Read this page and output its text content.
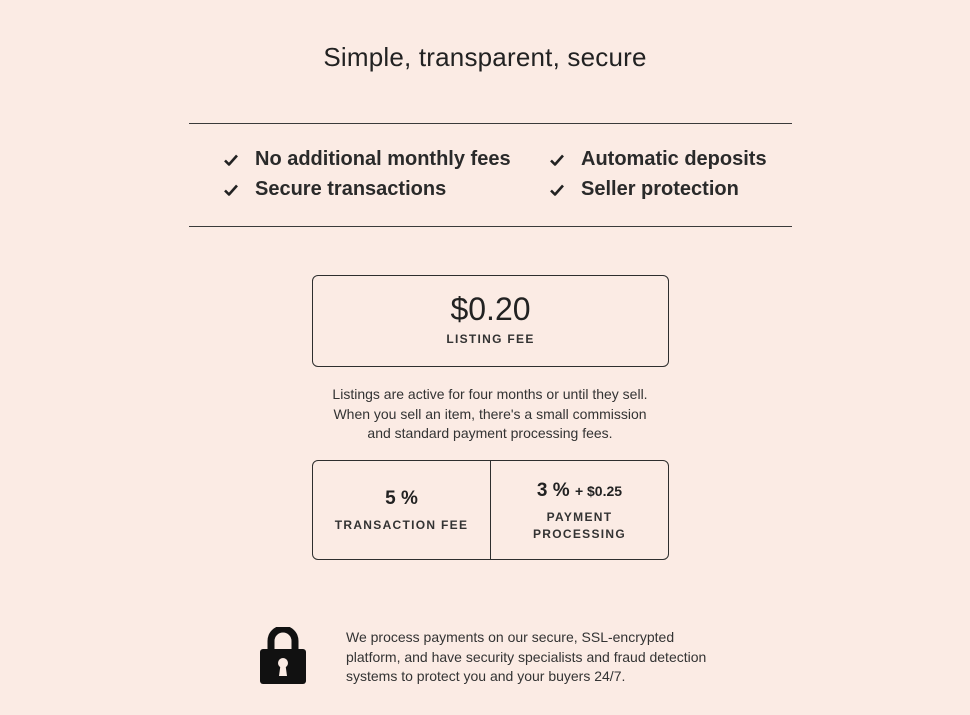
Simple, transparent, secure
No additional monthly fees	Automatic deposits
Secure transactions	Seller protection
$0.20
LISTING FEE
Listings are active for four months or until they sell.
When you sell an item, there's a small commission
and standard payment processing fees.
5 %
TRANSACTION FEE
3 % + $0.25
PAYMENT
PROCESSING
We process payments on our secure, SSL-encrypted
platform, and have security specialists and fraud detection
systems to protect you and your buyers 24/7.
